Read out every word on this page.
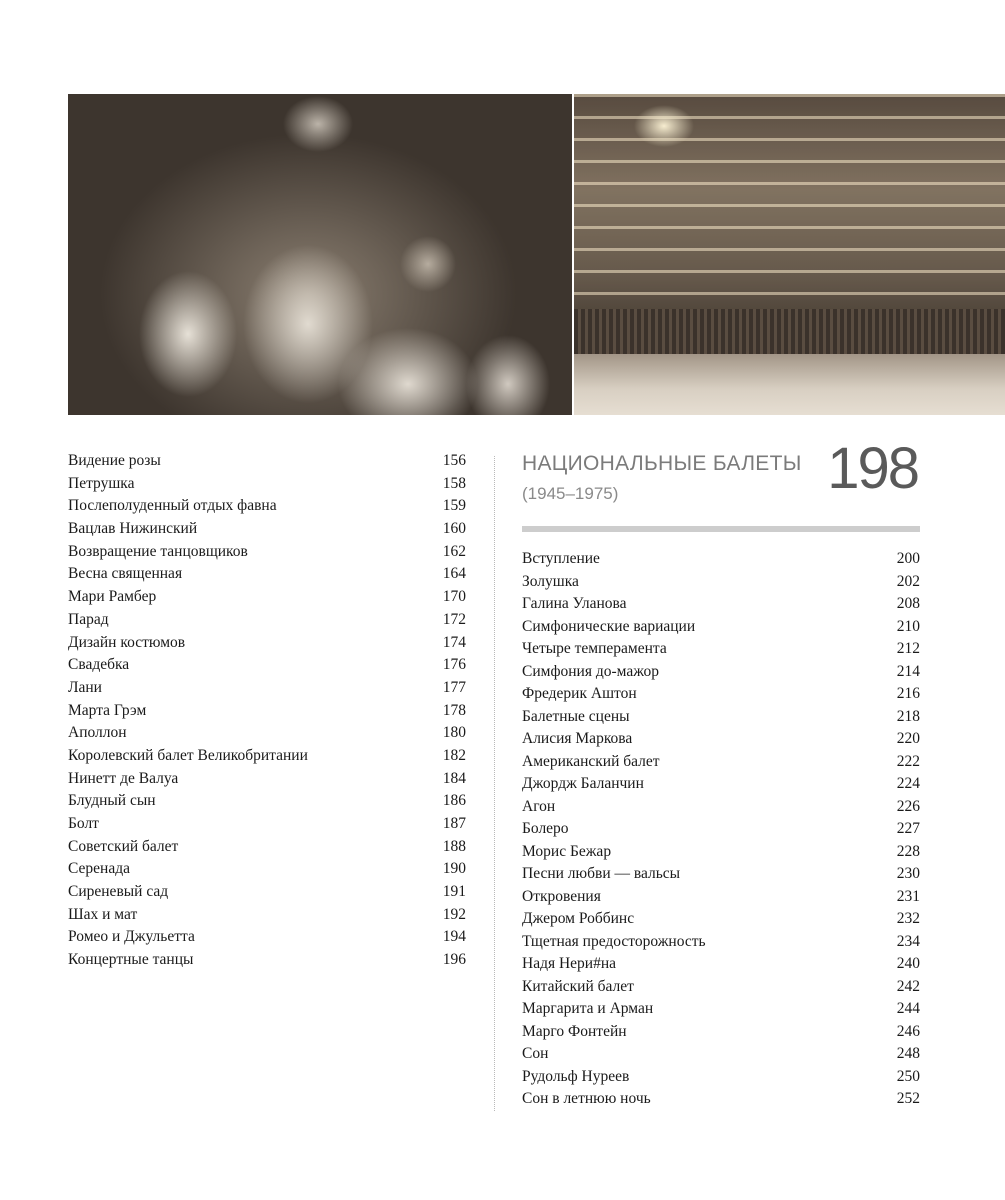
Видение розы	156
Петрушка	158
Послеполуденный отдых фавна	159
Вацлав Нижинский	160
Возвращение танцовщиков	162
Весна священная	164
Мари Рамбер	170
Парад	172
Дизайн костюмов	174
Свадебка	176
Лани	177
Марта Грэм	178
Аполлон	180
Королевский балет Великобритании	182
Нинетт де Валуа	184
Блудный сын	186
Болт	187
Советский балет	188
Серенада	190
Сиреневый сад	191
Шах и мат	192
Ромео и Джульетта	194
Концертные танцы	196
НАЦИОНАЛЬНЫЕ БАЛЕТЫ
(1945–1975)	198
Вступление	200
Золушка	202
Галина Уланова	208
Симфонические вариации	210
Четыре темперамента	212
Симфония до-мажор	214
Фредерик Аштон	216
Балетные сцены	218
Алисия Маркова	220
Американский балет	222
Джордж Баланчин	224
Агон	226
Болеро	227
Морис Бежар	228
Песни любви — вальсы	230
Откровения	231
Джером Роббинс	232
Тщетная предосторожность	234
Надя Нери#на	240
Китайский балет	242
Маргарита и Арман	244
Марго Фонтейн	246
Сон	248
Рудольф Нуреев	250
Сон в летнюю ночь	252
